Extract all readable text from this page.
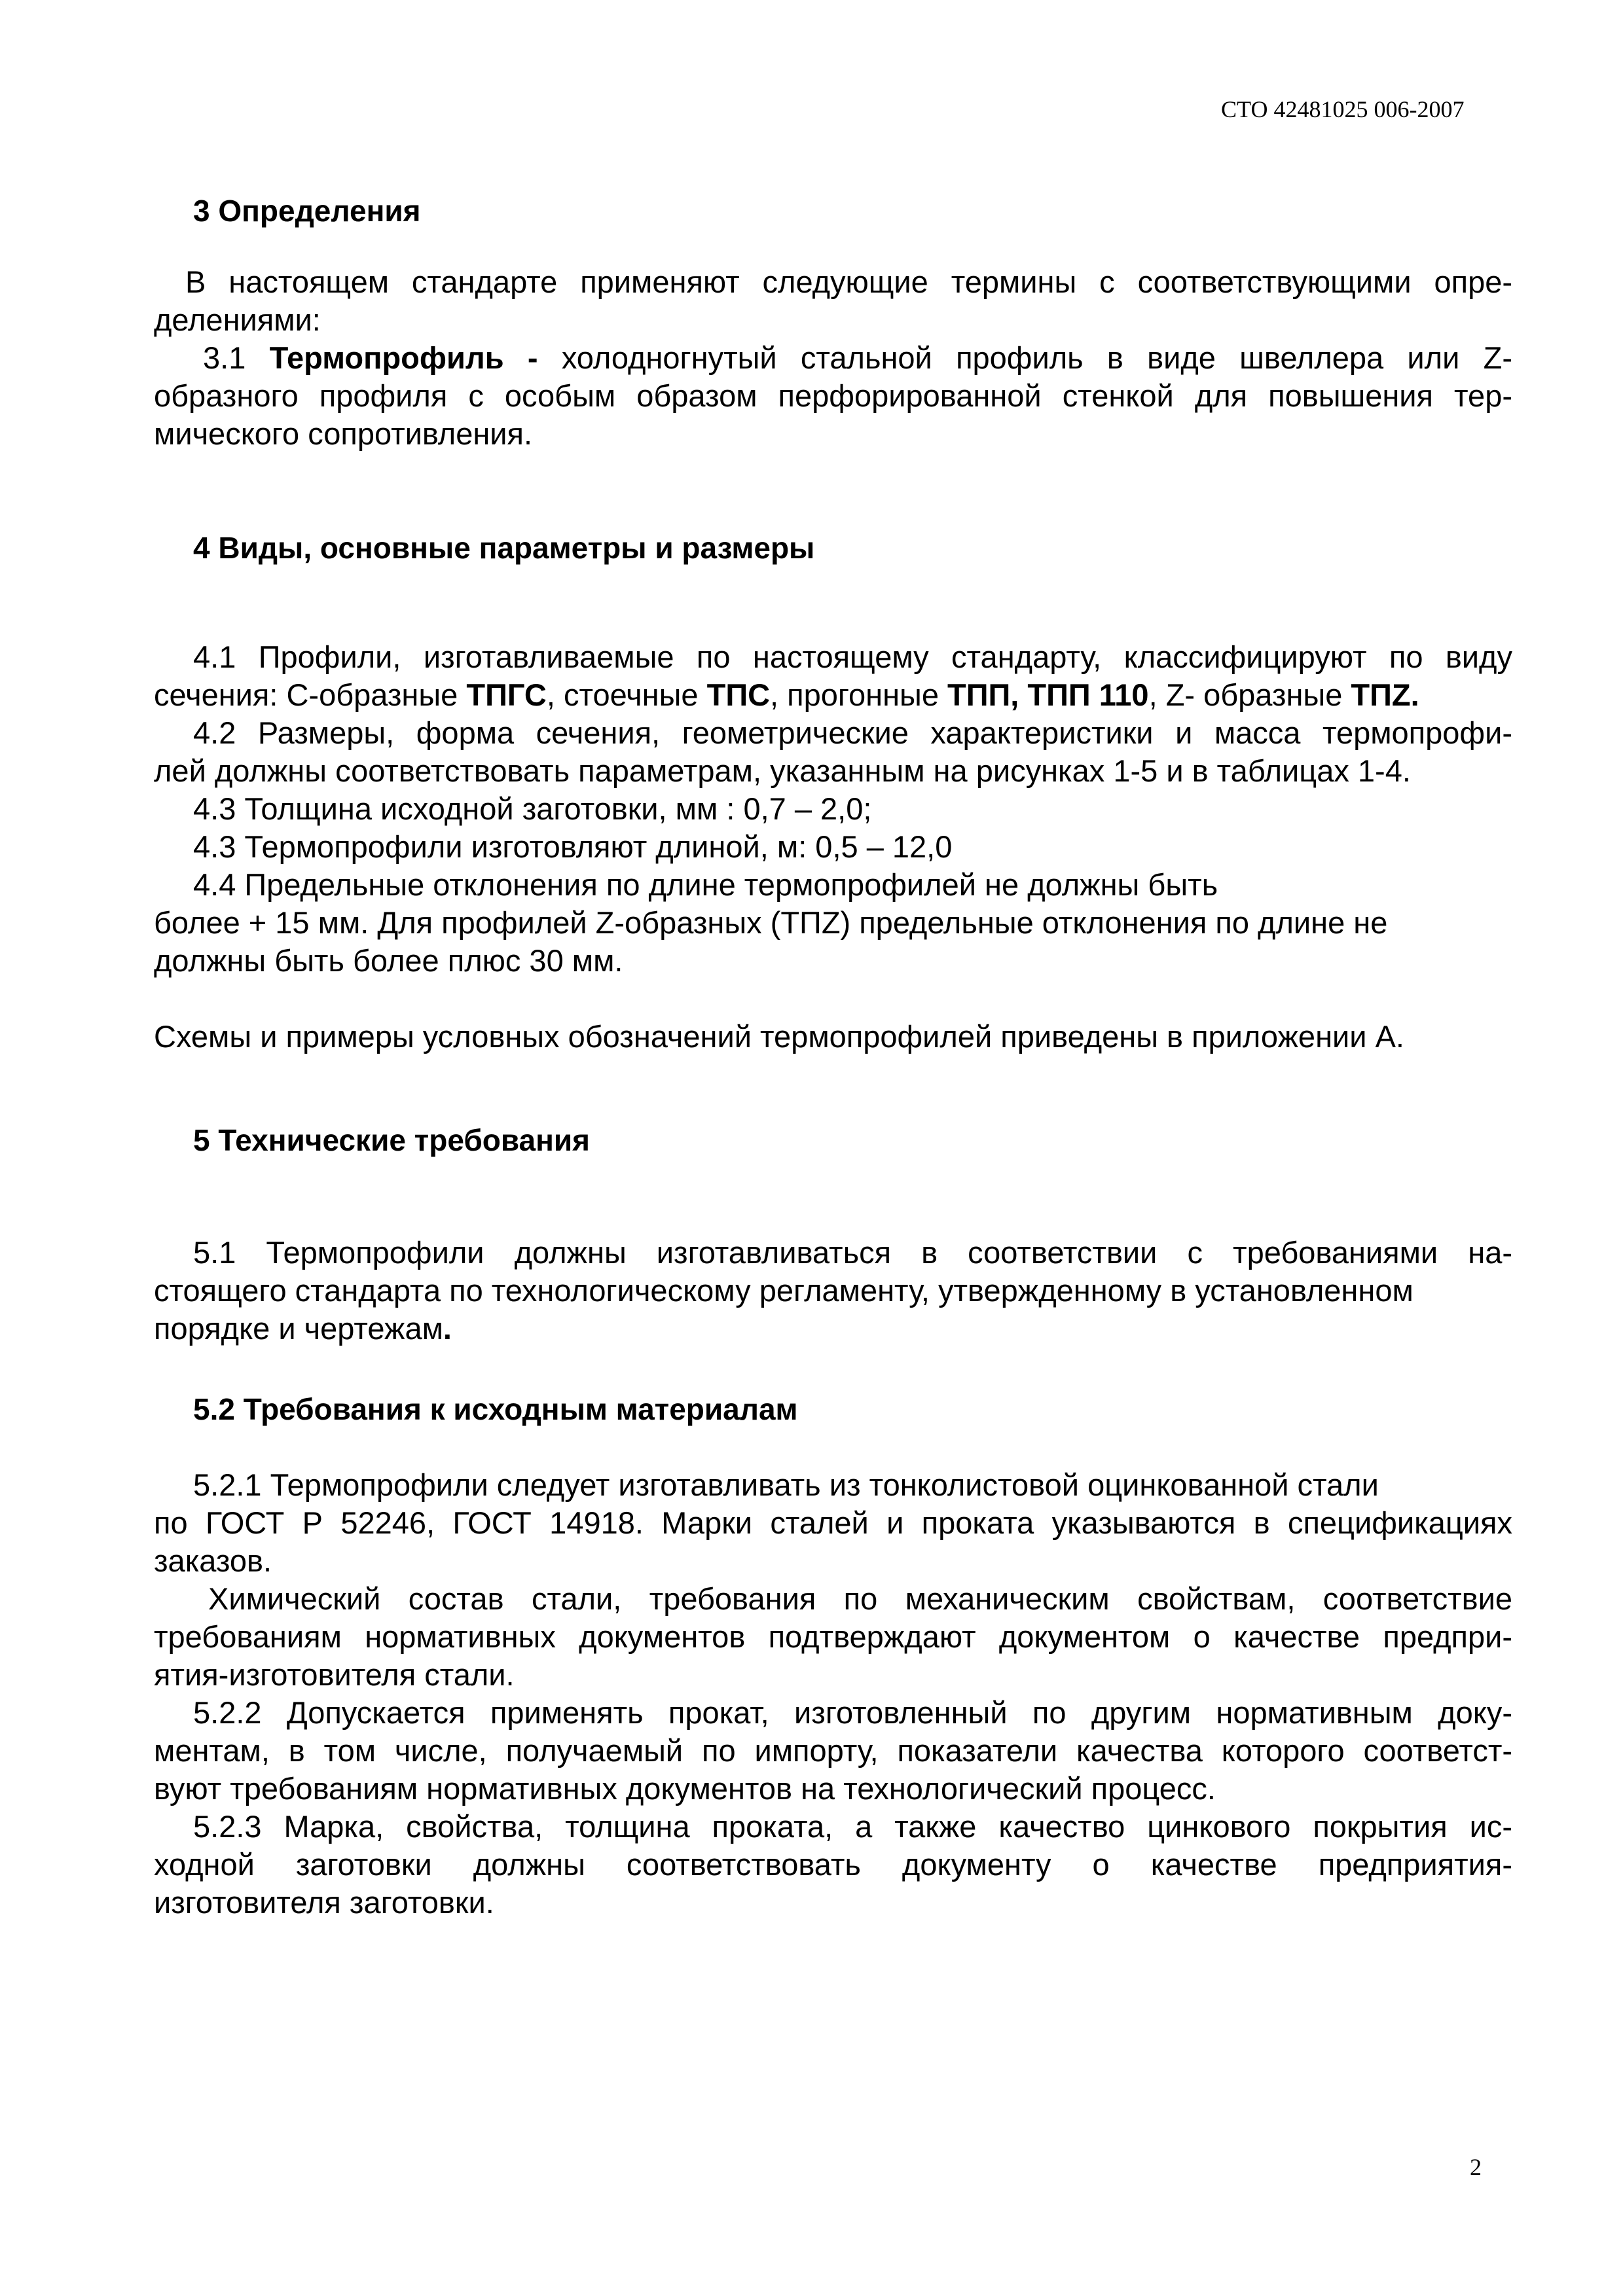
СТО 42481025 006-2007
3 Определения
В настоящем стандарте применяют следующие термины с соответствующими опре-
делениями:
3.1 Термопрофиль - холодногнутый стальной профиль в виде швеллера или Z-
образного профиля с особым образом перфорированной стенкой для повышения тер-
мического сопротивления.
4 Виды, основные параметры и размеры
4.1 Профили, изготавливаемые по настоящему стандарту, классифицируют по виду
сечения: С-образные ТПГС, стоечные ТПС, прогонные ТПП, ТПП 110, Z- образные ТПZ.
4.2 Размеры, форма сечения, геометрические характеристики и масса термопрофи-
лей должны соответствовать параметрам, указанным на рисунках 1-5 и в таблицах 1-4.
4.3 Толщина исходной заготовки, мм : 0,7 – 2,0;
4.3 Термопрофили изготовляют длиной, м: 0,5 – 12,0
4.4 Предельные отклонения по длине термопрофилей не должны быть
более + 15 мм. Для профилей Z-образных (ТПZ) предельные отклонения по длине не
должны быть более плюс 30 мм.
Схемы и примеры условных обозначений термопрофилей приведены в приложении А.
5 Технические требования
5.1 Термопрофили должны изготавливаться в соответствии с требованиями на-
стоящего стандарта по технологическому регламенту, утвержденному в установленном
порядке и чертежам.
5.2 Требования к исходным материалам
5.2.1 Термопрофили следует изготавливать из тонколистовой оцинкованной стали
по ГОСТ Р 52246, ГОСТ 14918. Марки сталей и проката указываются в спецификациях
заказов.
Химический состав стали, требования по механическим свойствам, соответствие
требованиям нормативных документов подтверждают документом о качестве предпри-
ятия-изготовителя стали.
5.2.2 Допускается применять прокат, изготовленный по другим нормативным доку-
ментам, в том числе, получаемый по импорту, показатели качества которого соответст-
вуют требованиям нормативных документов на технологический процесс.
5.2.3 Марка, свойства, толщина проката, а также качество цинкового покрытия ис-
ходной заготовки должны соответствовать документу о качестве предприятия-
изготовителя заготовки.
2
